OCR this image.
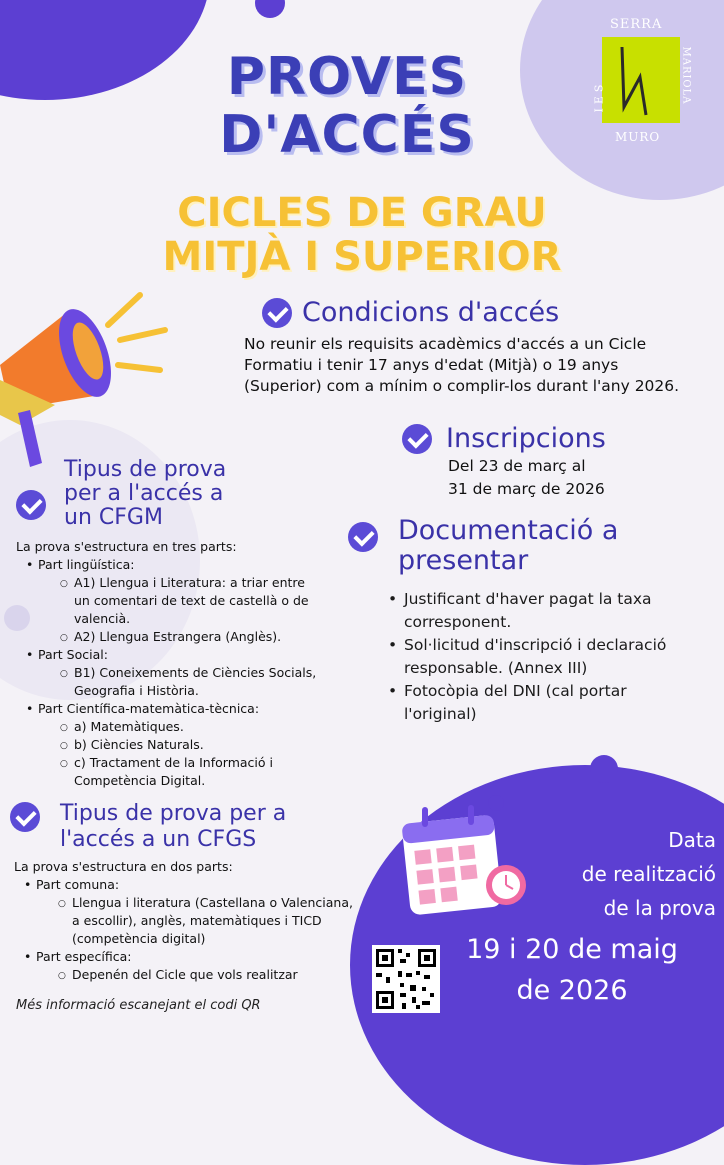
SERRA
MURO
IES	MARIOLA
PROVES
D'ACCÉS
CICLES DE GRAU
MITJÀ I SUPERIOR
Condicions d'accés
No reunir els requisits acadèmics d'accés a un Cicle Formatiu i tenir 17 anys d'edat (Mitjà) o 19 anys (Superior) com a mínim o complir-los durant l'any 2026.
Inscripcions
Del 23 de març al
31 de març de 2026
Documentació a
presentar
• Justificant d'haver pagat la taxa corresponent.
• Sol·licitud d'inscripció i declaració responsable. (Annex III)
• Fotocòpia del DNI (cal portar l'original)
Tipus de prova
per a l'accés a
un CFGM
La prova s'estructura en tres parts:
• Part lingüística:
○ A1) Llengua i Literatura: a triar entre un comentari de text de castellà o de valencià.
○ A2) Llengua Estrangera (Anglès).
• Part Social:
○ B1) Coneixements de Ciències Socials, Geografia i Història.
• Part Científica-matemàtica-tècnica:
○ a) Matemàtiques.
○ b) Ciències Naturals.
○ c) Tractament de la Informació i Competència Digital.
Tipus de prova per a
l'accés a un CFGS
La prova s'estructura en dos parts:
• Part comuna:
○ Llengua i literatura (Castellana o Valenciana, a escollir), anglès, matemàtiques i TICD (competència digital)
• Part específica:
○ Depenén del Cicle que vols realitzar
Més informació escanejant el codi QR
Data
de realització
de la prova
19 i 20 de maig
de 2026
